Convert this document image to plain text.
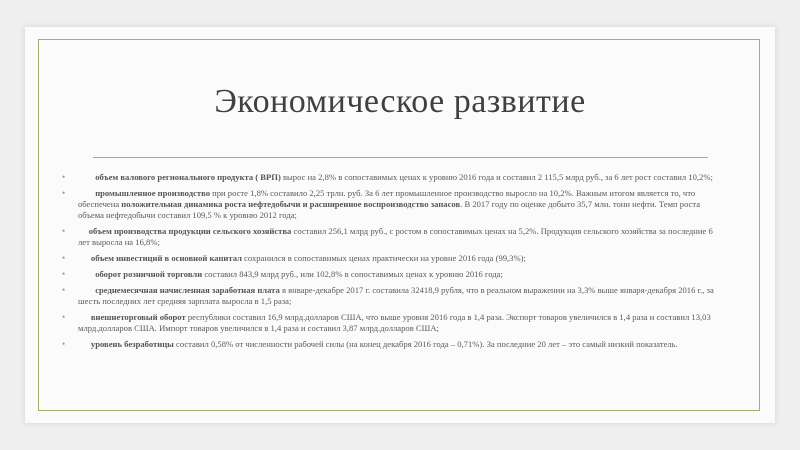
Экономическое развитие
•	объем валового регионального продукта ( ВРП) вырос на 2,8% в сопоставимых ценах к уровню 2016 года и составил 2 115,5 млрд руб., за 6 лет рост составил 10,2%;
•	промышленное производство при росте 1,8% составило 2,25 трлн. руб. За 6 лет промышленное производство выросло на 10,2%. Важным итогом является то, что обеспечена положительная динамика роста нефтедобычи и расширенное воспроизводство запасов. В 2017 году по оценке добыто 35,7 млн. тонн нефти. Темп роста объема нефтедобычи составил 109,5 % к уровню 2012 года;
•	объем производства продукции сельского хозяйства составил 256,1 млрд руб., с ростом в сопоставимых ценах на 5,2%. Продукция сельского хозяйства за последние 6 лет выросла на 16,8%;
•	объем инвестиций в основной капитал сохранился в сопоставимых ценах практически на уровне 2016 года (99,3%);
•	оборот розничной торговли составил 843,9 млрд руб., или 102,8% в сопоставимых ценах к уровню 2016 года;
•	среднемесячная начисленная заработная плата в январе-декабре 2017 г. составила 32418,9 рубля, что в реальном выражении на 3,3% выше января-декабря 2016 г., за шесть последних лет средняя зарплата выросла в 1,5 раза;
•	внешнеторговый оборот республики составил 16,9 млрд.долларов США, что выше уровня 2016 года в 1,4 раза. Экспорт товаров увеличился в 1,4 раза и составил 13,03 млрд.долларов США. Импорт товаров увеличился в 1,4 раза и составил 3,87 млрд.долларов США;
•	уровень безработицы составил 0,58% от численности рабочей силы (на конец декабря 2016 года – 0,71%). За последние 20 лет – это самый низкий показатель.
